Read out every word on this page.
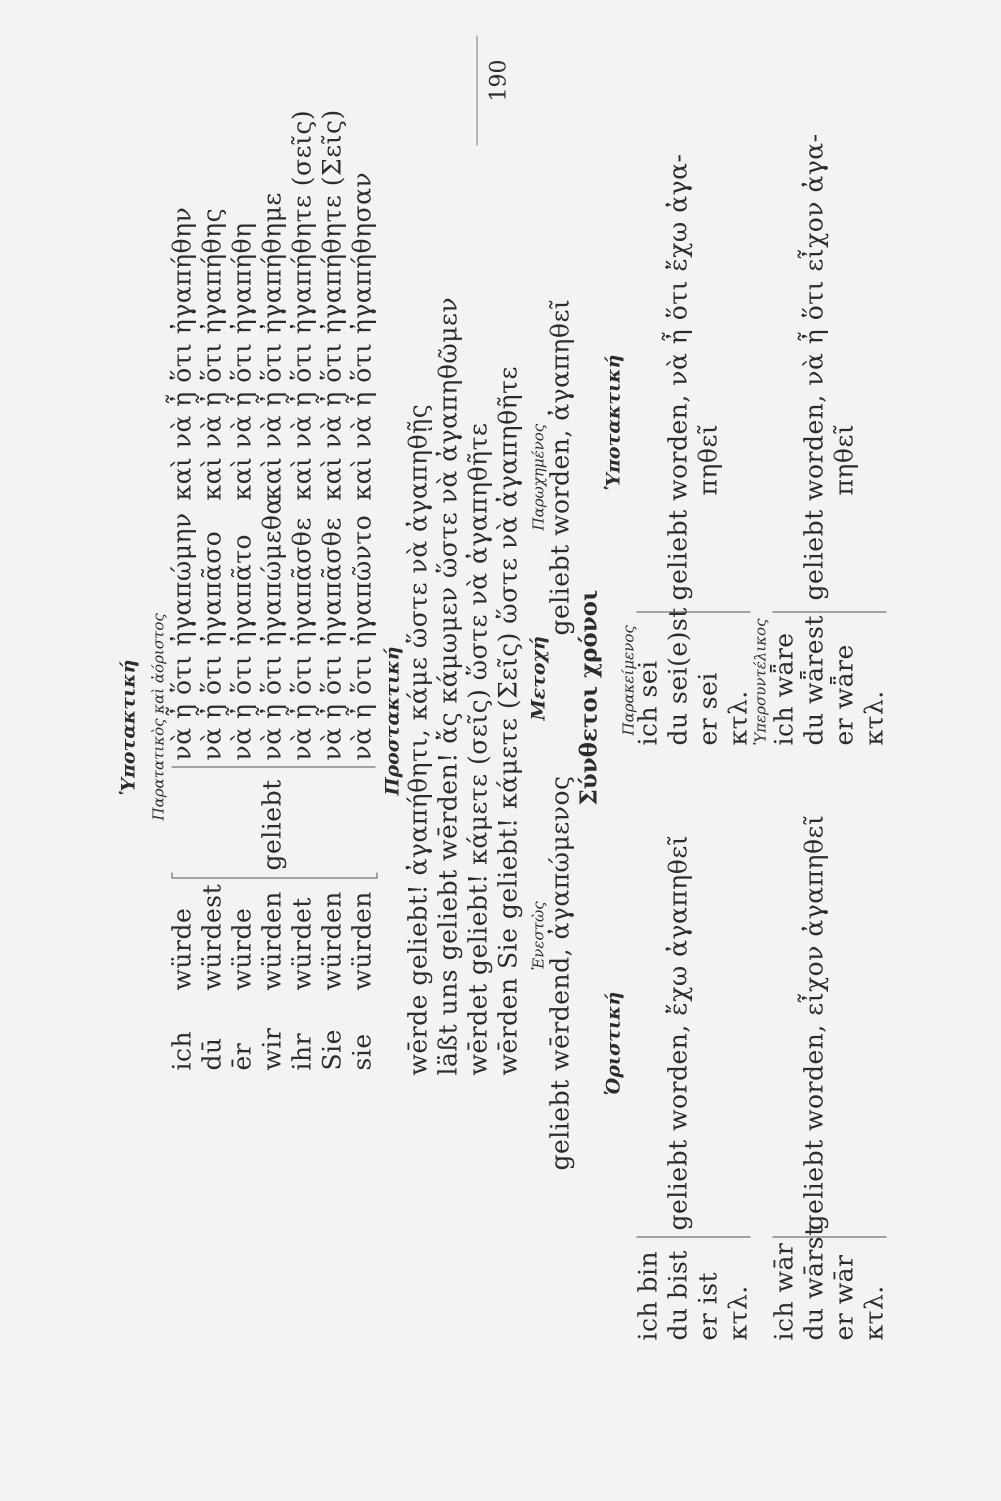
190
Ὑποτακτική Παρατατικὸς καὶ ἀόριστος
ich
würde
νὰ ἦ ὅτι ἠγαπώμην
καὶ νὰ ἦ ὅτι ἠγαπήθην
dū
würdest
νὰ ἦ ὅτι ἠγαπᾶσο
καὶ νὰ ἦ ὅτι ἠγαπήθης
ēr
würde
νὰ ἦ ὅτι ἠγαπᾶτο
καὶ νὰ ἦ ὅτι ἠγαπήθη
wir
würden
νὰ ἦ ὅτι ἠγαπώμεθα
καὶ νὰ ἦ ὅτι ἠγαπήθημε
ihr
würdet
νὰ ἦ ὅτι ἠγαπᾶσθε
καὶ νὰ ἦ ὅτι ἠγαπήθητε (σεῖς)
Sie
würden
νὰ ἦ ὅτι ἠγαπᾶσθε
καὶ νὰ ἦ ὅτι ἠγαπήθητε (Σεῖς)
sie
würden
νὰ ἦ ὅτι ἠγαπῶντο
καὶ νὰ ἦ ὅτι ἠγαπήθησαν
geliebt
Προστακτική wērde geliebt! ἀγαπήθητι, κάμε ὥστε νὰ ἀγαπηθῇς läßt uns geliebt wērden! ἄς κάμωμεν ὥστε νὰ ἀγαπηθῶμεν wērdet geliebt! κάμετε (σεῖς) ὥστε νὰ ἀγαπηθῆτε wērden Sie geliebt! κάμετε (Σεῖς) ὥστε νὰ ἀγαπηθῆτε Μετοχή
Ἐνεστὼς
geliebt wērdend, ἀγαπώμενος
Παρωχημένος
geliebt worden, ἀγαπηθεῖ
Σύνθετοι χρόνοι
Ὁριστική
Ὑποτακτική
Παρακείμενος
ich bin du bist er ist κτλ.
geliebt worden, ἔχω ἀγαπηθεῖ
ich sei du sei(e)st er sei κτλ.
geliebt worden, νὰ ἦ ὅτι ἔχω ἀγα- πηθεῖ
Ὑπερσυντέλικος
ich wār du wārst er wār κτλ.
geliebt worden, εἶχον ἀγαπηθεῖ
ich wǟre du wǟrest er wǟre κτλ.
geliebt worden, νὰ ἦ ὅτι εἶχον ἀγα- πηθεῖ
